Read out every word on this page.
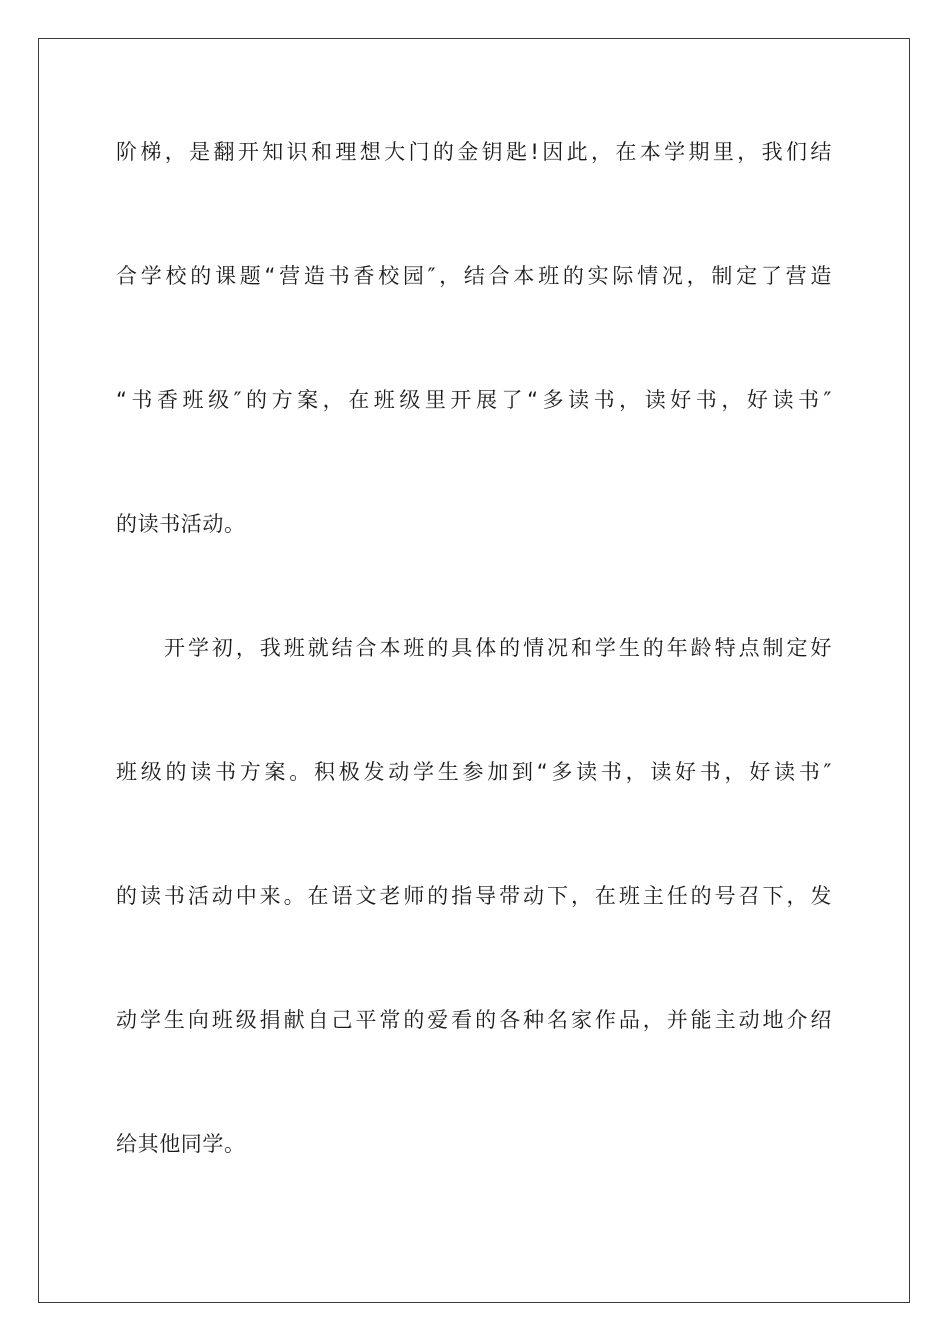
阶梯，是翻开知识和理想大门的金钥匙!因此，在本学期里，我们结
合学校的课题“营造书香校园″，结合本班的实际情况，制定了营造
“书香班级″的方案，在班级里开展了“多读书，读好书，好读书″
的读书活动。
开学初，我班就结合本班的具体的情况和学生的年龄特点制定好
班级的读书方案。积极发动学生参加到“多读书，读好书，好读书″
的读书活动中来。在语文老师的指导带动下，在班主任的号召下，发
动学生向班级捐献自己平常的爱看的各种名家作品，并能主动地介绍
给其他同学。
